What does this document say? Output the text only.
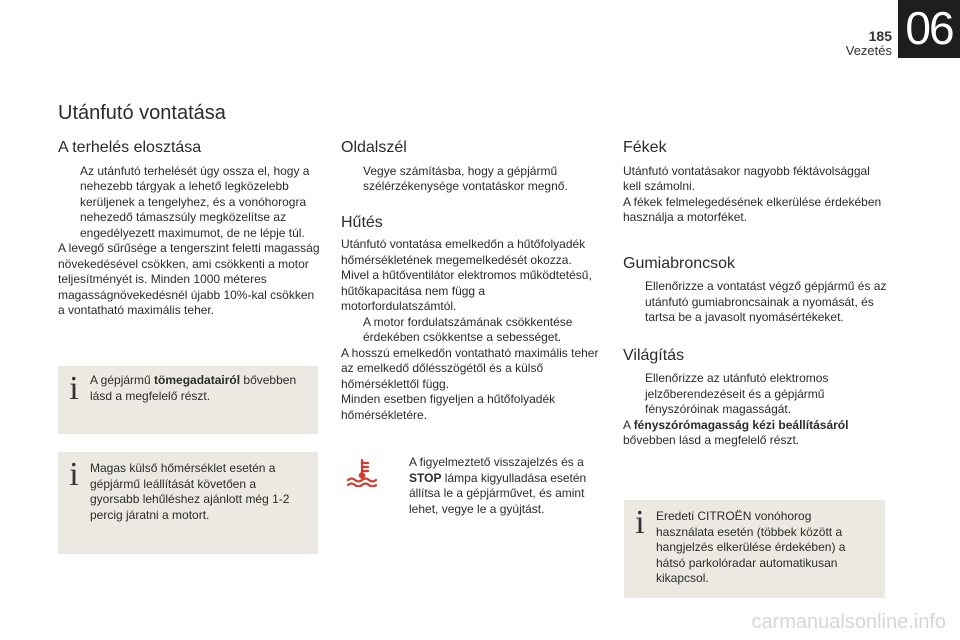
185
Vezetés 06
Utánfutó vontatása
A terhelés elosztása
Az utánfutó terhelését úgy ossza el, hogy a nehezebb tárgyak a lehető legközelebb kerüljenek a tengelyhez, és a vonóhorogra nehezedő támaszsúly megközelítse az engedélyezett maximumot, de ne lépje túl.

A levegő sűrűsége a tengerszint feletti magasság növekedésével csökken, ami csökkenti a motor teljesítményét is. Minden 1000 méteres magasságnövekedésnél újabb 10%-kal csökken a vontatható maximális teher.

i A gépjármű tömegadatairól bővebben lásd a megfelelő részt.

i Magas külső hőmérséklet esetén a gépjármű leállítását követően a gyorsabb lehűléshez ajánlott még 1-2 percig járatni a motort.

Oldalszél
Vegye számításba, hogy a gépjármű szélérzékenysége vontatáskor megnő.
Hűtés

Utánfutó vontatása emelkedőn a hűtőfolyadék hőmérsékletének megemelkedését okozza. Mivel a hűtőventilátor elektromos működtetésű, hűtőkapacitása nem függ a motorfordulatszámtól.

A motor fordulatszámának csökkentése érdekében csökkentse a sebességet.

A hosszú emelkedőn vontatható maximális teher az emelkedő dőlésszögétől és a külső hőmérséklettől függ.

Minden esetben figyeljen a hűtőfolyadék hőmérsékletére.

A figyelmeztető visszajelzés és a STOP lámpa kigyulladása esetén állítsa le a gépjárművet, és amint lehet, vegye le a gyújtást.
Fékek

Utánfutó vontatásakor nagyobb féktávolsággal kell számolni.

A fékek felmelegedésének elkerülése érdekében használja a motorféket.

Gumiabroncsok
Ellenőrizze a vontatást végző gépjármű és az utánfutó gumiabroncsainak a nyomását, és tartsa be a javasolt nyomásértékeket.
Világítás
Ellenőrizze az utánfutó elektromos jelzőberendezéseit és a gépjármű fényszóróinak magasságát.

A fényszórómagasság kézi beállításáról bővebben lásd a megfelelő részt.

i Eredeti CITROËN vonóhorog használata esetén (többek között a hangjelzés elkerülése érdekében) a hátsó parkolóradar automatikusan kikapcsol.

carmanualsonline.info
